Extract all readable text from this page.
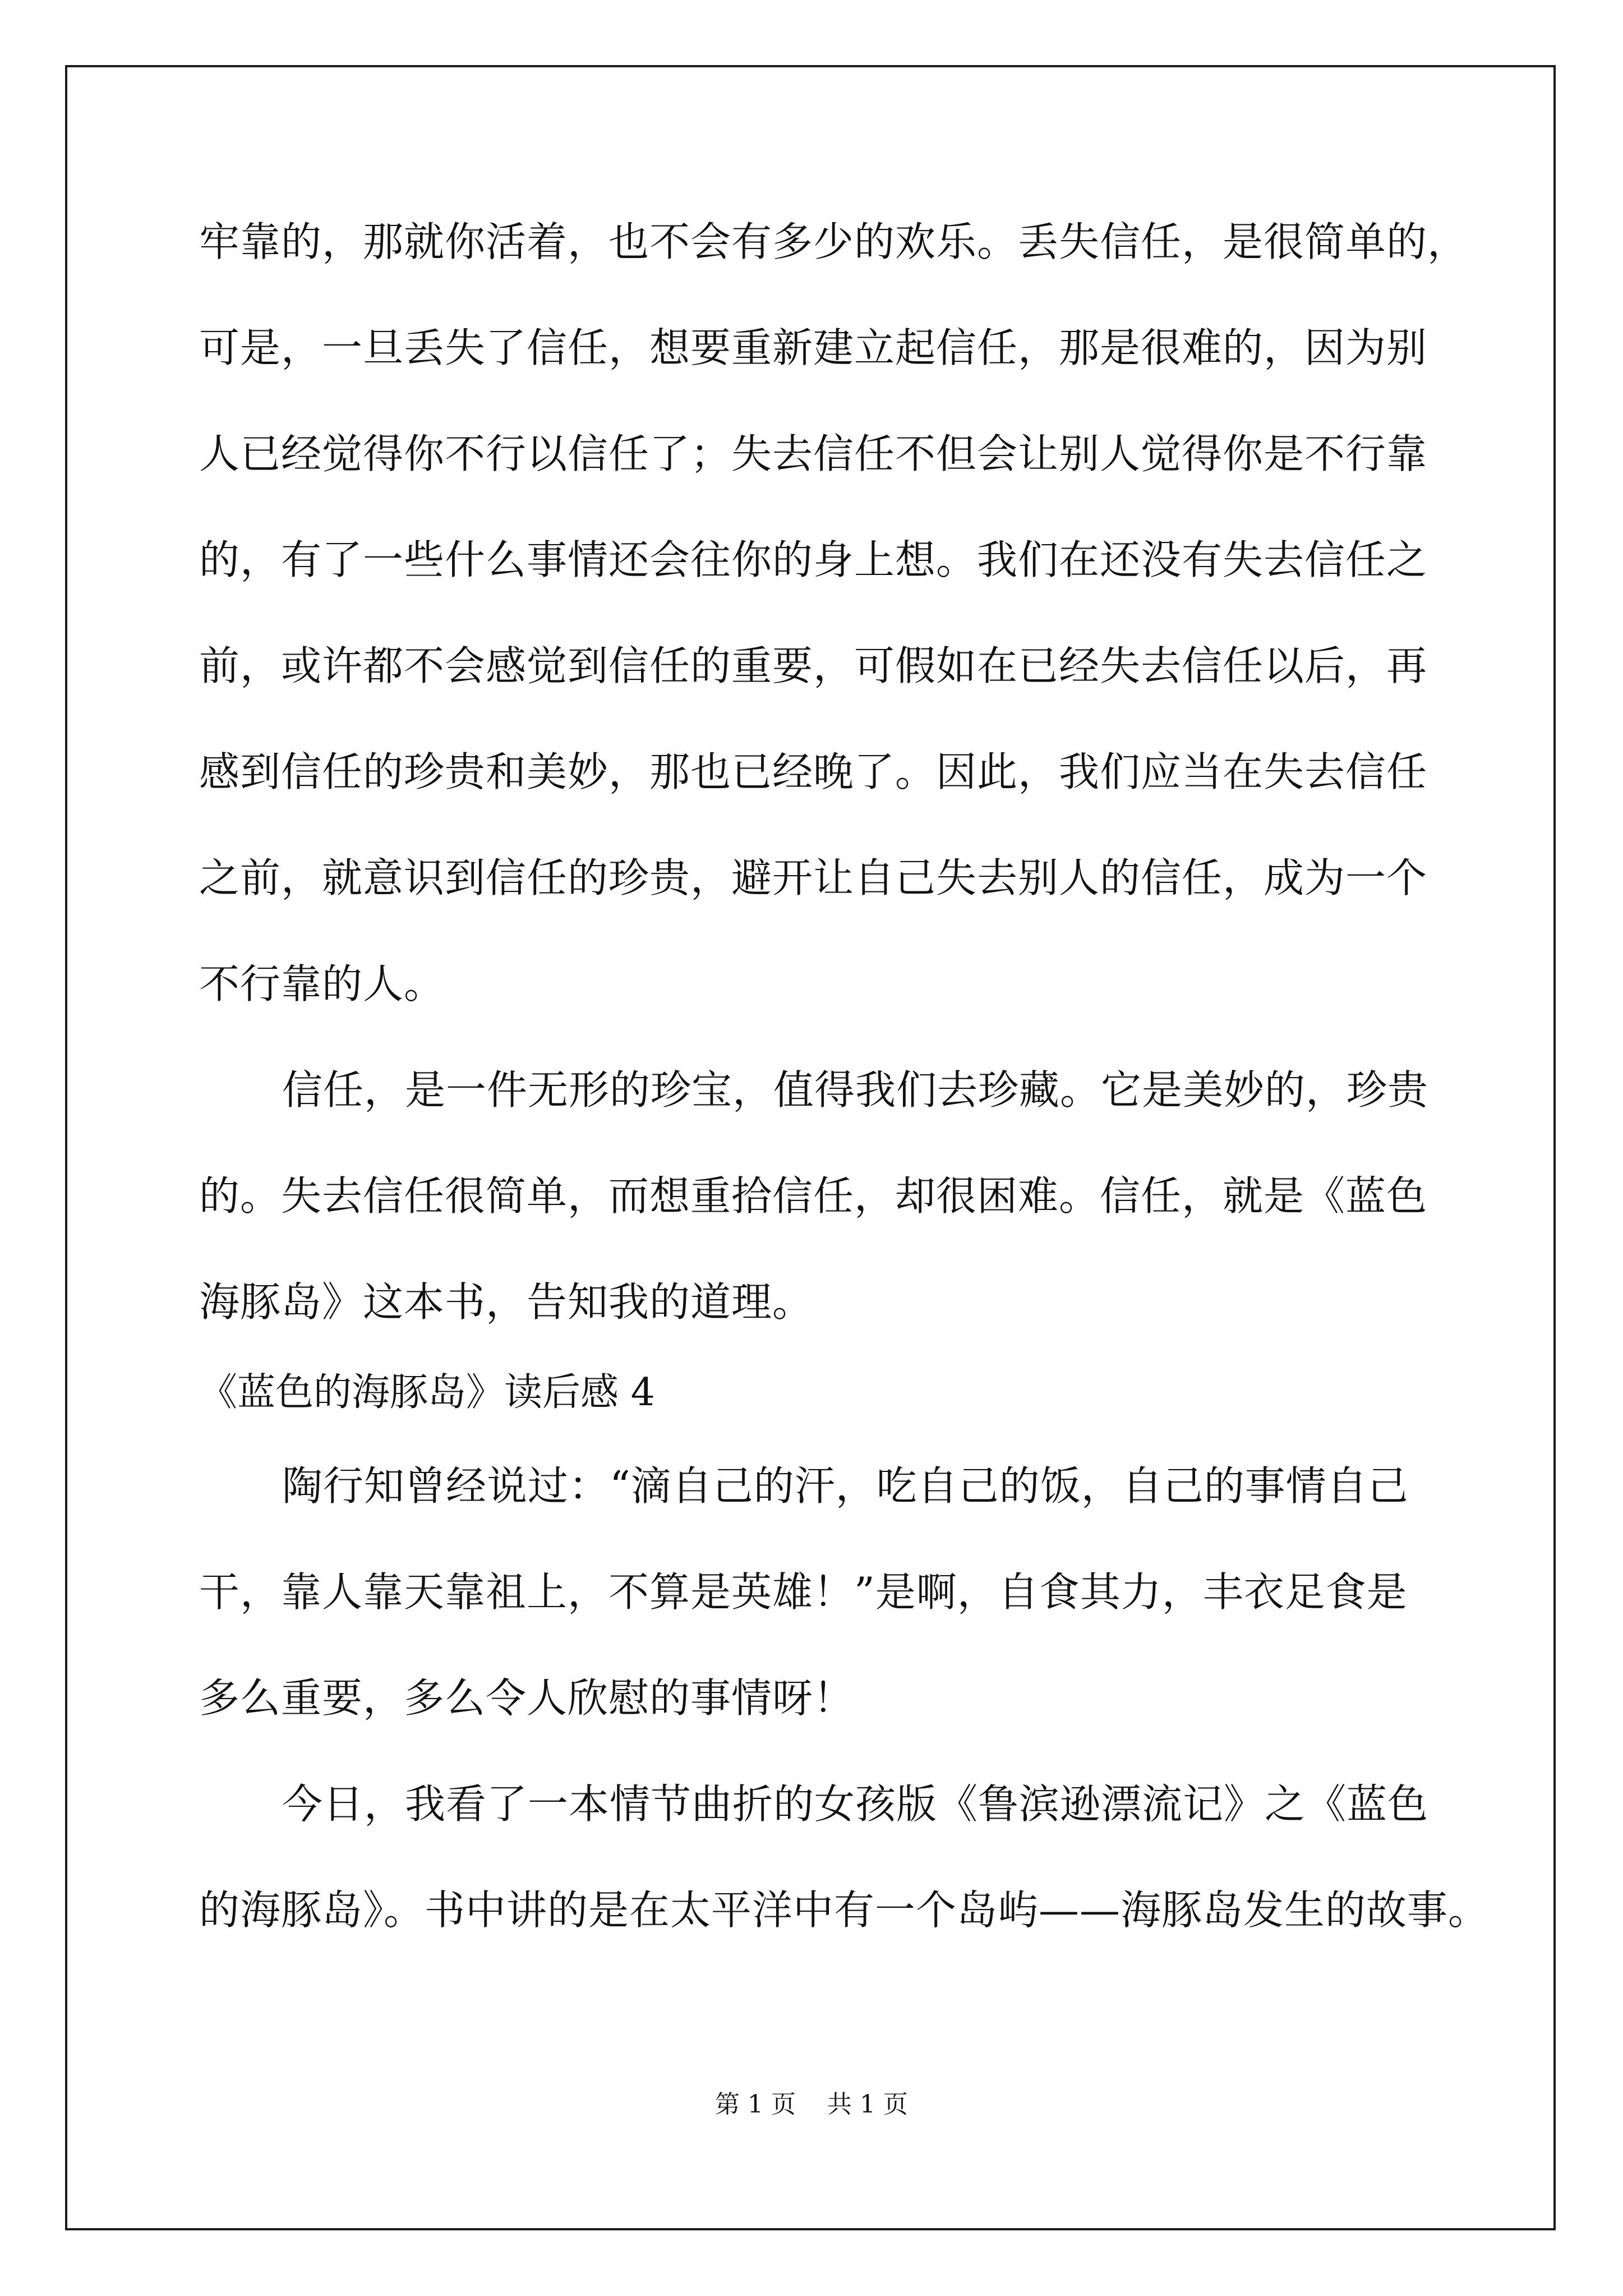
牢靠的，那就你活着，也不会有多少的欢乐。丢失信任，是很简单的，
可是，一旦丢失了信任，想要重新建立起信任，那是很难的，因为别
人已经觉得你不行以信任了；失去信任不但会让别人觉得你是不行靠
的，有了一些什么事情还会往你的身上想。我们在还没有失去信任之
前，或许都不会感觉到信任的重要，可假如在已经失去信任以后，再
感到信任的珍贵和美妙，那也已经晚了。因此，我们应当在失去信任
之前，就意识到信任的珍贵，避开让自己失去别人的信任，成为一个
不行靠的人。
信任，是一件无形的珍宝，值得我们去珍藏。它是美妙的，珍贵
的。失去信任很简单，而想重拾信任，却很困难。信任，就是《蓝色
海豚岛》这本书，告知我的道理。
《蓝色的海豚岛》读后感 4
陶行知曾经说过：“滴自己的汗，吃自己的饭，自己的事情自己
干，靠人靠天靠祖上，不算是英雄！”是啊，自食其力，丰衣足食是
多么重要，多么令人欣慰的事情呀！
今日，我看了一本情节曲折的女孩版《鲁滨逊漂流记》之《蓝色
的海豚岛》。书中讲的是在太平洋中有一个岛屿——海豚岛发生的故事。
第 1 页    共 1 页
